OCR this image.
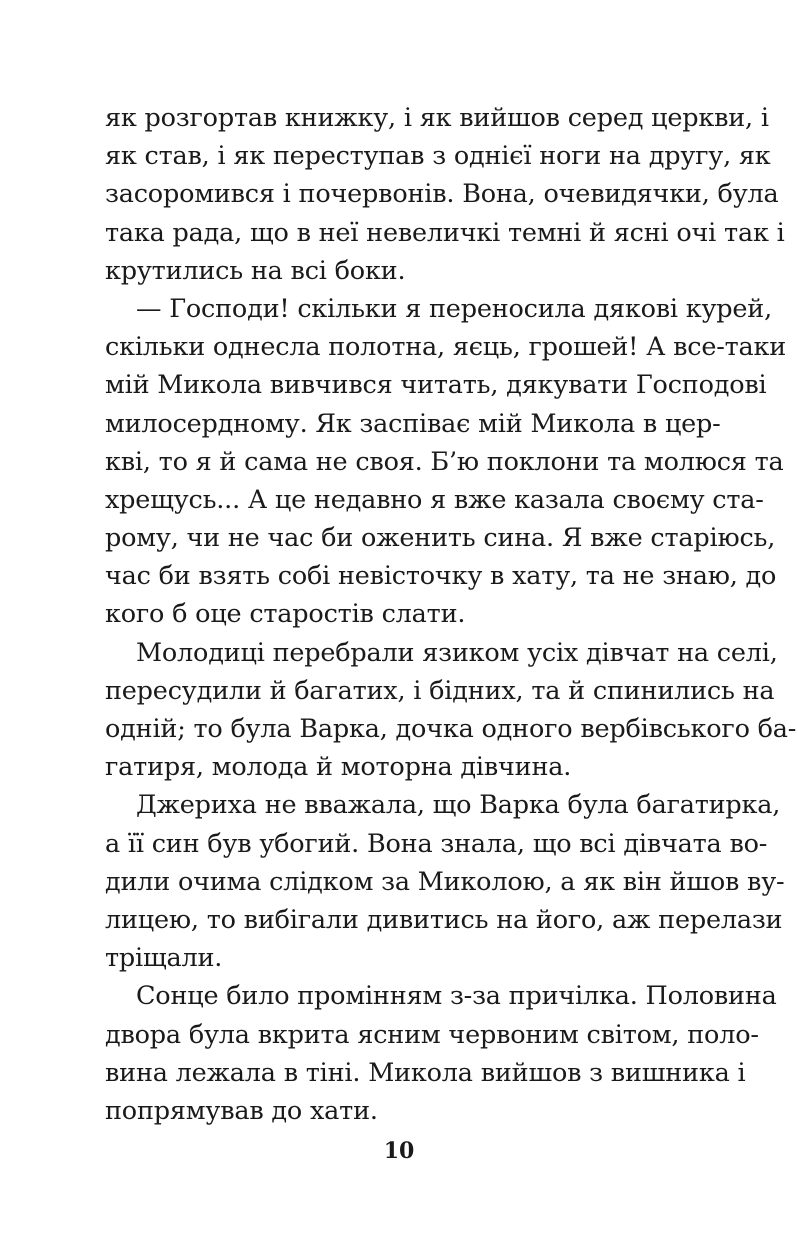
як розгортав книжку, і як вийшов серед церкви, і
як став, і як переступав з однієї ноги на другу, як
засоромився і почервонів. Вона, очевидячки, була
така рада, що в неї невеличкі темні й ясні очі так і
крутились на всі боки.
— Господи! скільки я переносила дякові курей,
скільки однесла полотна, яєць, грошей! А все-таки
мій Микола вивчився читать, дякувати Господові
милосердному. Як заспіває мій Микола в цер-
кві, то я й сама не своя. Б’ю поклони та молюся та
хрещусь... А це недавно я вже казала своєму ста-
рому, чи не час би оженить сина. Я вже старіюсь,
час би взять собі невісточку в хату, та не знаю, до
кого б оце старостів слати.
Молодиці перебрали язиком усіх дівчат на селі,
пересудили й багатих, і бідних, та й спинились на
одній; то була Варка, дочка одного вербівського ба-
гатиря, молода й моторна дівчина.
Джериха не вважала, що Варка була багатирка,
а її син був убогий. Вона знала, що всі дівчата во-
дили очима слідком за Миколою, а як він йшов ву-
лицею, то вибігали дивитись на його, аж перелази
тріщали.
Сонце било промінням з-за причілка. Половина
двора була вкрита ясним червоним світом, поло-
вина лежала в тіні. Микола вийшов з вишника і
попрямував до хати.
10
